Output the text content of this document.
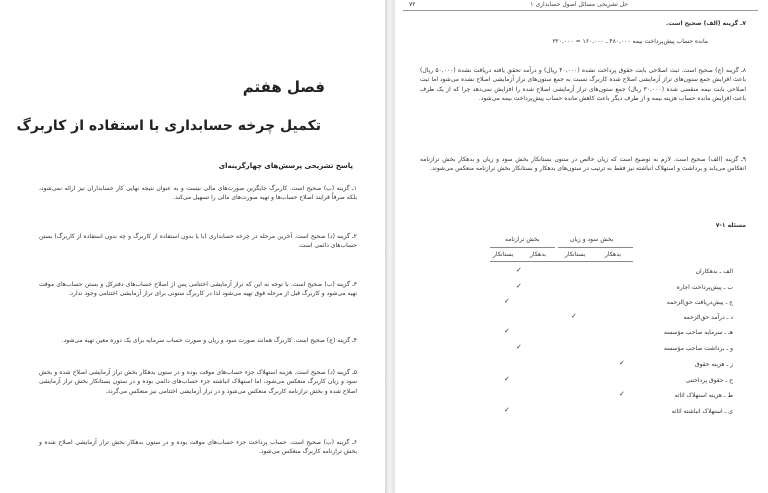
فصل هفتم
تکمیل چرخه حسابداری با استفاده از کاربرگ
پاسخ تشریحی پرسش‌های چهارگزینه‌ای
۱ـ گزینه (ب) صحیح است. کاربرگ جایگزین صورت‌های مالی نیست و به عنوان نتیجه نهایی کار حسابداران نیز ارائه نمی‌شود، بلکه صرفاً فرایند اصلاح حساب‌ها و تهیه صورت‌های مالی را تسهیل می‌کند.
۲ـ گزینه (د) صحیح است. آخرین مرحله در چرخه حسابداری (با یا بدون استفاده از کاربرگ و چه بدون استفاده از کاربرگ) بستن حساب‌های دائمی است.
۳ـ گزینه (ب) صحیح است. با توجه به این که تراز آزمایشی اختتامی پس از اصلاح حساب‌های دفترکل و بستن حساب‌های موقت تهیه می‌شود و کاربرگ قبل از مرحله فوق تهیه می‌شود لذا در کاربرگ ستونی برای تراز آزمایشی اختتامی وجود ندارد.
۴ـ گزینه (ج) صحیح است. کاربرگ همانند صورت سود و زیان و صورت حساب سرمایه برای یک دوره معین تهیه می‌شود.
۵ـ گزینه (د) صحیح است. هزینه استهلاک جزء حساب‌های موقت بوده و در ستون بدهکار بخش تراز آزمایشی اصلاح شده و بخش سود و زیان کاربرگ منعکس می‌شود، اما استهلاک انباشته جزء حساب‌های دائمی بوده و در ستون بستانکار بخش تراز آزمایشی اصلاح شده و بخش ترازنامه کاربرگ منعکس می‌شود و در تراز آزمایشی اختتامی نیز منعکس می‌گردد.
۶ـ گزینه (ب) صحیح است. حساب پرداخت جزء حساب‌های موقت بوده و در ستون بدهکار بخش تراز آزمایشی اصلاح شده و بخش ترازنامه کاربرگ منعکس می‌شود.
۷۲	حل تشریحی مسائل اصول حسابداری ۱
۷ـ گزینه (الف) صحیح است.
مانده حساب پیش‌پرداخت بیمه ۴۸۰,۰۰۰ ـ ۱۶۰,۰۰۰ = ۳۲۰,۰۰۰
۸ـ گزینه (ج) صحیح است. ثبت اصلاحی بابت حقوق پرداخت نشده (۴۰,۰۰۰ ریال) و درآمد تحقق یافته دریافت نشده (۵۰,۰۰۰ ریال) باعث افزایش جمع ستون‌های تراز آزمایشی اصلاح شده کاربرگ نسبت به جمع ستون‌های تراز آزمایشی اصلاح نشده می‌شود اما ثبت اصلاحی بابت بیمه منقضی شده (۳۰,۰۰۰ ریال) جمع ستون‌های تراز آزمایشی اصلاح شده را افزایش نمی‌دهد چرا که از یک طرف باعث افزایش مانده حساب هزینه بیمه و از طرف دیگر باعث کاهش مانده حساب پیش‌پرداخت بیمه می‌شود.
۹ـ گزینه (الف) صحیح است. لازم به توضیح است که زیان خالص در ستون بستانکار بخش سود و زیان و بدهکار بخش ترازنامه انعکاس می‌یابد و برداشت و استهلاک انباشته نیز فقط به ترتیب در ستون‌های بدهکار و بستانکار بخش ترازنامه منعکس می‌شوند.
مسئله ۱-۷
بخش سود و زیان
بخش ترازنامه
بدهکار
بستانکار
بدهکار
بستانکار
الف ـ بدهکاران
ب ـ پیش‌پرداخت اجاره
ج ـ پیش‌دریافت حق‌الزحمه
د ـ درآمد حق‌الزحمه
هـ ـ سرمایه صاحب مؤسسه
و ـ برداشت صاحب مؤسسه
ز ـ هزینه حقوق
ح ـ حقوق پرداختنی
ط ـ هزینه استهلاک اثاثه
ی ـ استهلاک انباشته اثاثه
✓
✓
✓
✓
✓
✓
✓
✓
✓
✓
